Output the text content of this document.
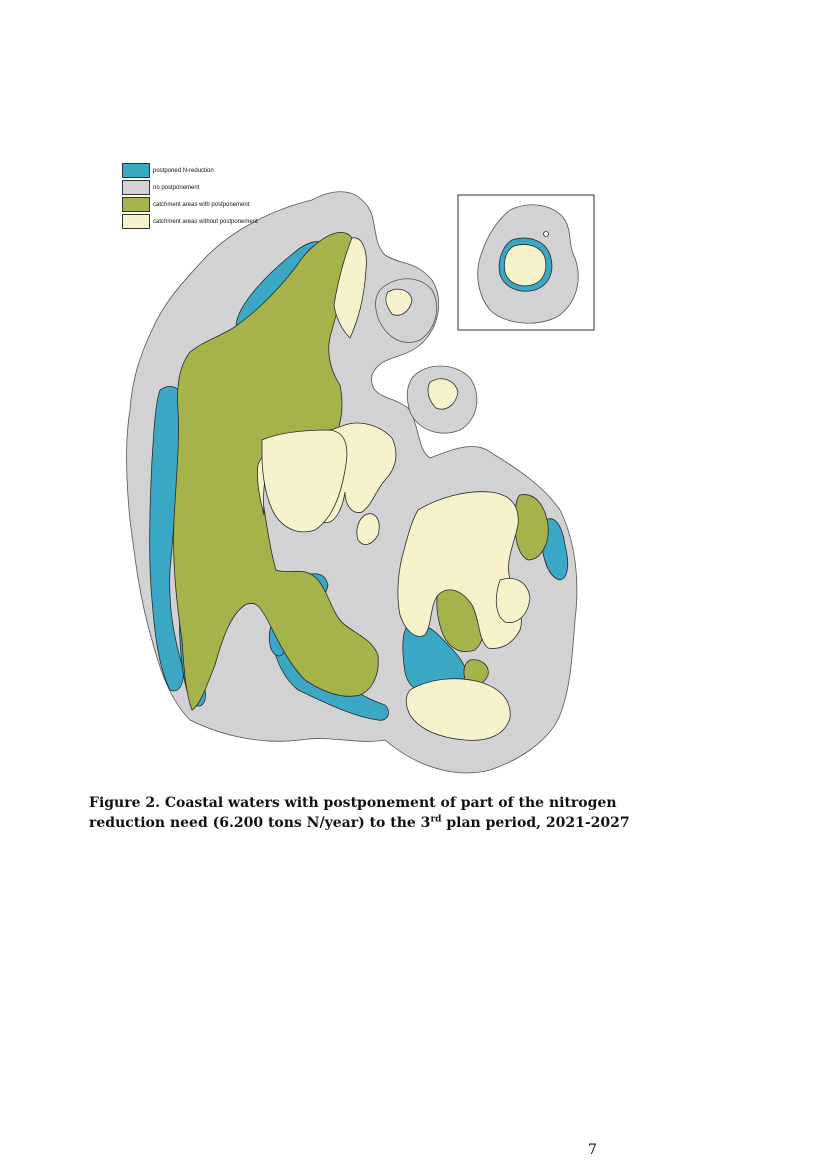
postponed N-reduction
no postponement
catchment areas with postponement
catchment areas without postponement
Figure 2. Coastal waters with postponement of part of the nitrogen
reduction need (6.200 tons N/year) to the 3rd plan period, 2021-2027
7
